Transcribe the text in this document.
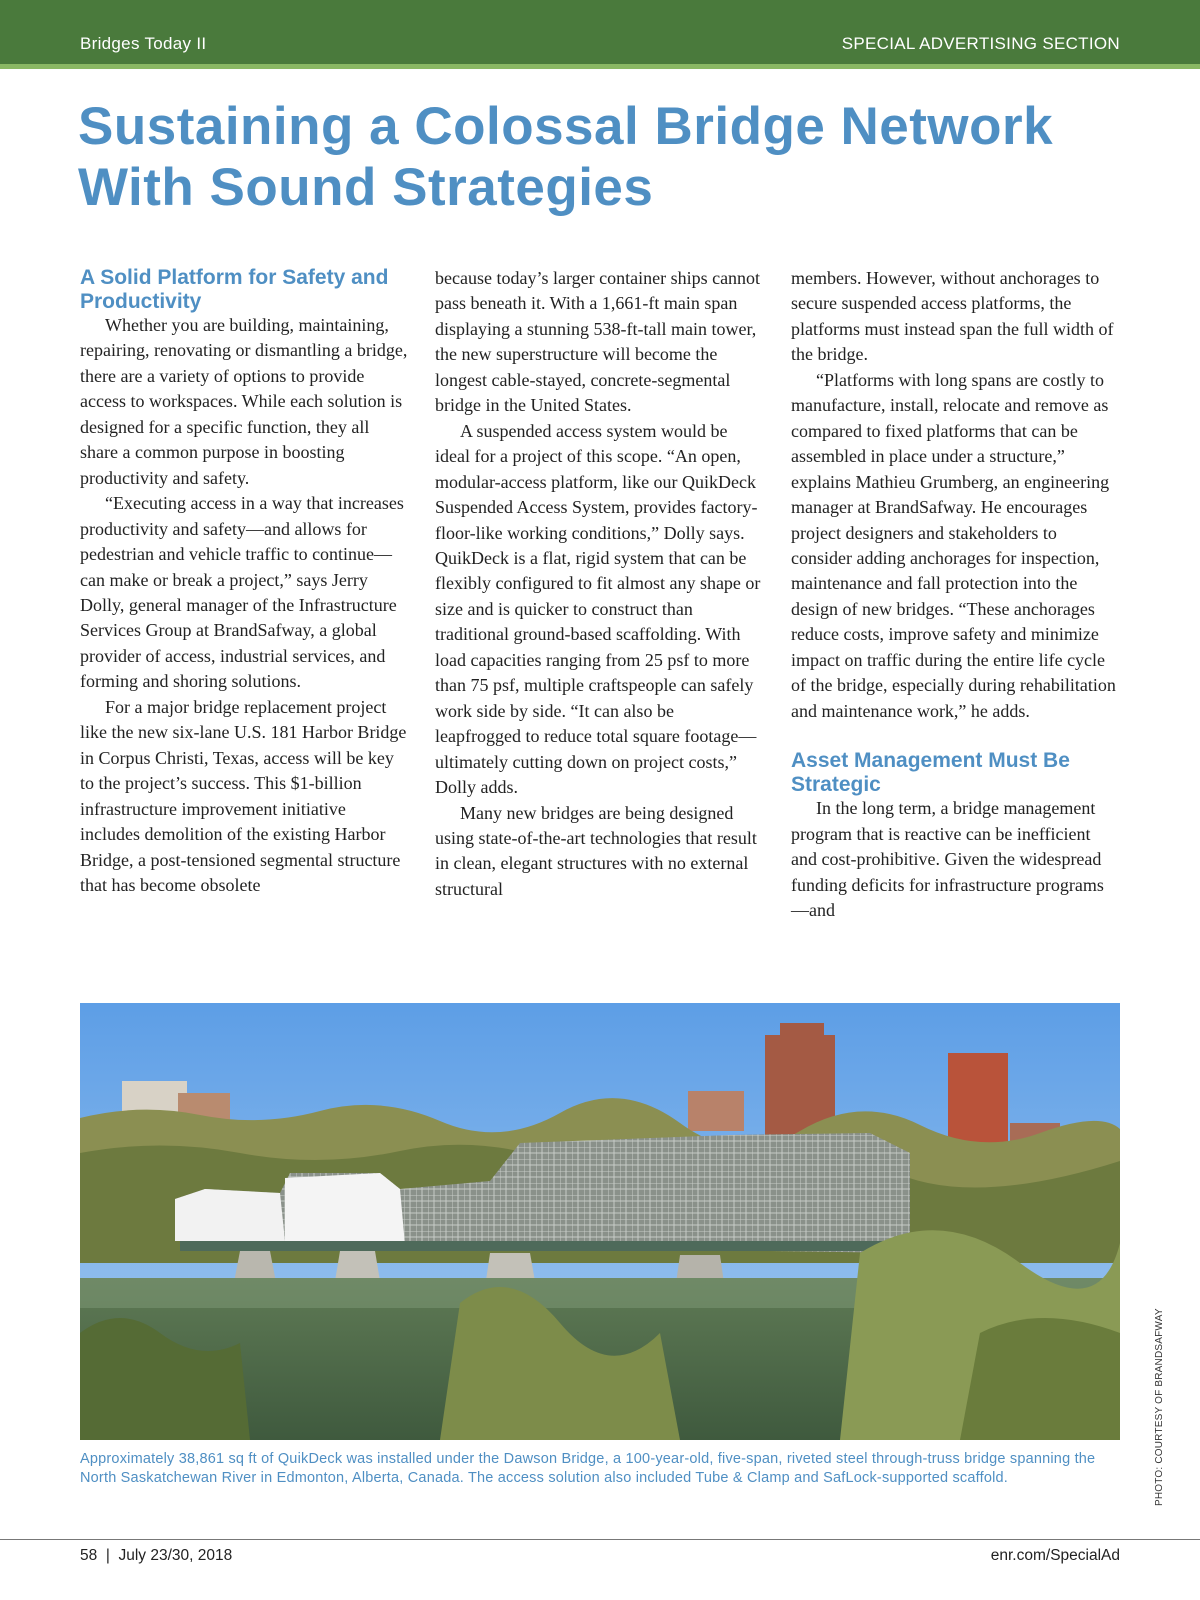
Bridges Today II	SPECIAL ADVERTISING SECTION
Sustaining a Colossal Bridge Network
With Sound Strategies
A Solid Platform for Safety and Productivity

Whether you are building, maintaining, repairing, renovating or dismantling a bridge, there are a variety of options to provide access to workspaces. While each solution is designed for a specific function, they all share a common purpose in boosting productivity and safety.

“Executing access in a way that increases productivity and safety—and allows for pedestrian and vehicle traffic to continue—can make or break a project,” says Jerry Dolly, general manager of the Infrastructure Services Group at BrandSafway, a global provider of access, industrial services, and forming and shoring solutions.

For a major bridge replacement project like the new six-lane U.S. 181 Harbor Bridge in Corpus Christi, Texas, access will be key to the project’s success. This $1-billion infrastructure improvement initiative includes demolition of the existing Harbor Bridge, a post-tensioned segmental structure that has become obsolete

because today’s larger container ships cannot pass beneath it. With a 1,661-ft main span displaying a stunning 538-ft-tall main tower, the new superstructure will become the longest cable-stayed, concrete-segmental bridge in the United States.

A suspended access system would be ideal for a project of this scope. “An open, modular-access platform, like our QuikDeck Suspended Access System, provides factory-floor-like working conditions,” Dolly says. QuikDeck is a flat, rigid system that can be flexibly configured to fit almost any shape or size and is quicker to construct than traditional ground-based scaffolding. With load capacities ranging from 25 psf to more than 75 psf, multiple craftspeople can safely work side by side. “It can also be leapfrogged to reduce total square footage—ultimately cutting down on project costs,” Dolly adds.

Many new bridges are being designed using state-of-the-art technologies that result in clean, elegant structures with no external structural

members. However, without anchorages to secure suspended access platforms, the platforms must instead span the full width of the bridge.

“Platforms with long spans are costly to manufacture, install, relocate and remove as compared to fixed platforms that can be assembled in place under a structure,” explains Mathieu Grumberg, an engineering manager at BrandSafway. He encourages project designers and stakeholders to consider adding anchorages for inspection, maintenance and fall protection into the design of new bridges. “These anchorages reduce costs, improve safety and minimize impact on traffic during the entire life cycle of the bridge, especially during rehabilitation and maintenance work,” he adds.

Asset Management Must Be Strategic

In the long term, a bridge management program that is reactive can be inefficient and cost-prohibitive. Given the widespread funding deficits for infrastructure programs—and

Approximately 38,861 sq ft of QuikDeck was installed under the Dawson Bridge, a 100-year-old, five-span, riveted steel through-truss bridge spanning the North Saskatchewan River in Edmonton, Alberta, Canada. The access solution also included Tube & Clamp and SafLock-supported scaffold.	PHOTO: COURTESY OF BRANDSAFWAY
58  |  July 23/30, 2018	enr.com/SpecialAd
